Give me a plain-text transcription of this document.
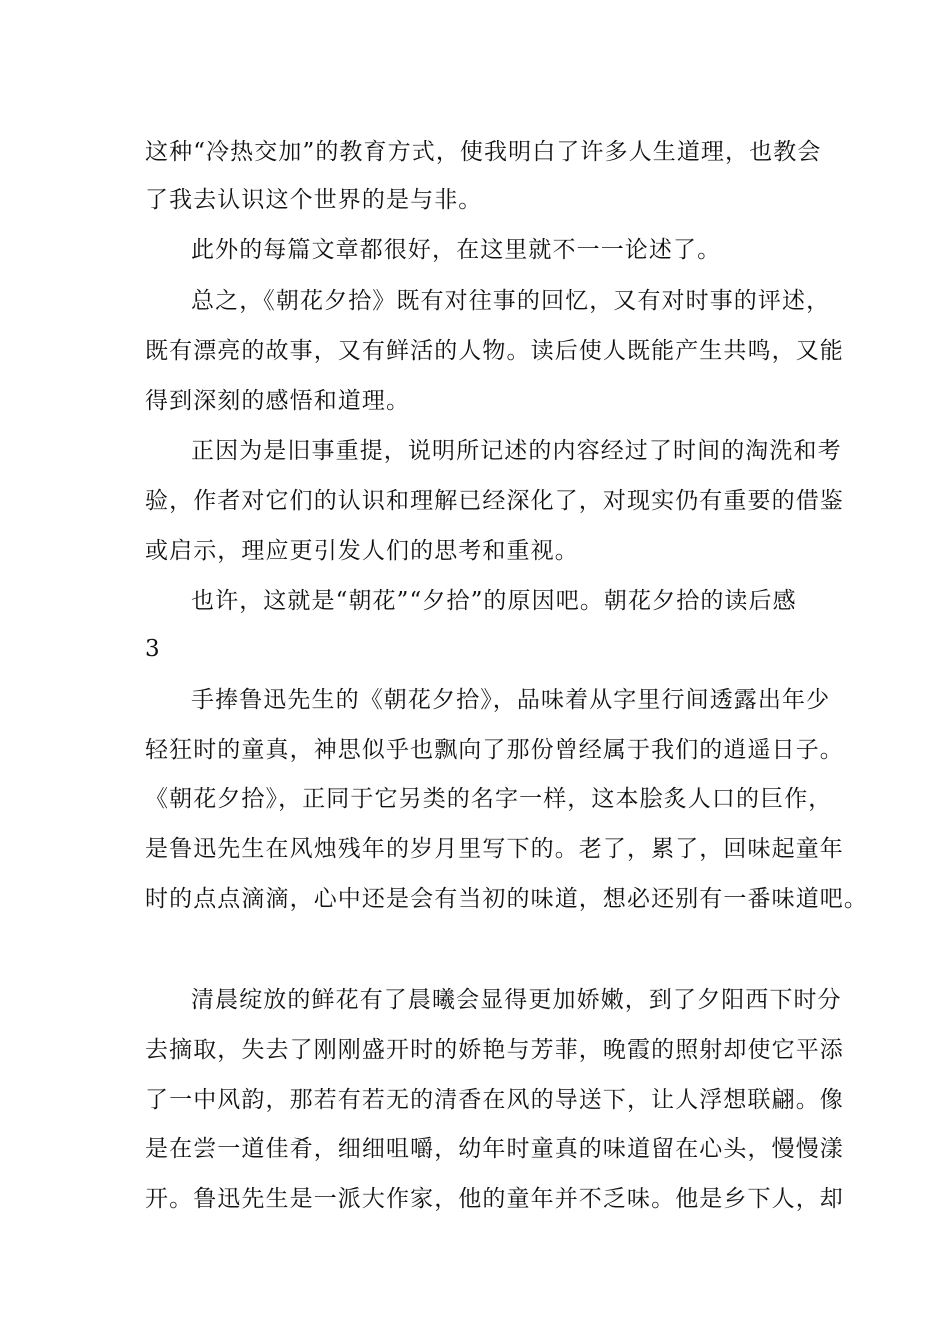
这种“冷热交加”的教育方式，使我明白了许多人生道理，也教会

了我去认识这个世界的是与非。

此外的每篇文章都很好，在这里就不一一论述了。

总之，《朝花夕拾》既有对往事的回忆，又有对时事的评述，

既有漂亮的故事，又有鲜活的人物。读后使人既能产生共鸣，又能

得到深刻的感悟和道理。

正因为是旧事重提，说明所记述的内容经过了时间的淘洗和考

验，作者对它们的认识和理解已经深化了，对现实仍有重要的借鉴

或启示，理应更引发人们的思考和重视。

也许，这就是“朝花”“夕拾”的原因吧。朝花夕拾的读后感

3

手捧鲁迅先生的《朝花夕拾》，品味着从字里行间透露出年少

轻狂时的童真，神思似乎也飘向了那份曾经属于我们的逍遥日子。

《朝花夕拾》，正同于它另类的名字一样，这本脍炙人口的巨作，

是鲁迅先生在风烛残年的岁月里写下的。老了，累了，回味起童年

时的点点滴滴，心中还是会有当初的味道，想必还别有一番味道吧。

清晨绽放的鲜花有了晨曦会显得更加娇嫩，到了夕阳西下时分

去摘取，失去了刚刚盛开时的娇艳与芳菲，晚霞的照射却使它平添

了一中风韵，那若有若无的清香在风的导送下，让人浮想联翩。像

是在尝一道佳肴，细细咀嚼，幼年时童真的味道留在心头，慢慢漾

开。鲁迅先生是一派大作家，他的童年并不乏味。他是乡下人，却
